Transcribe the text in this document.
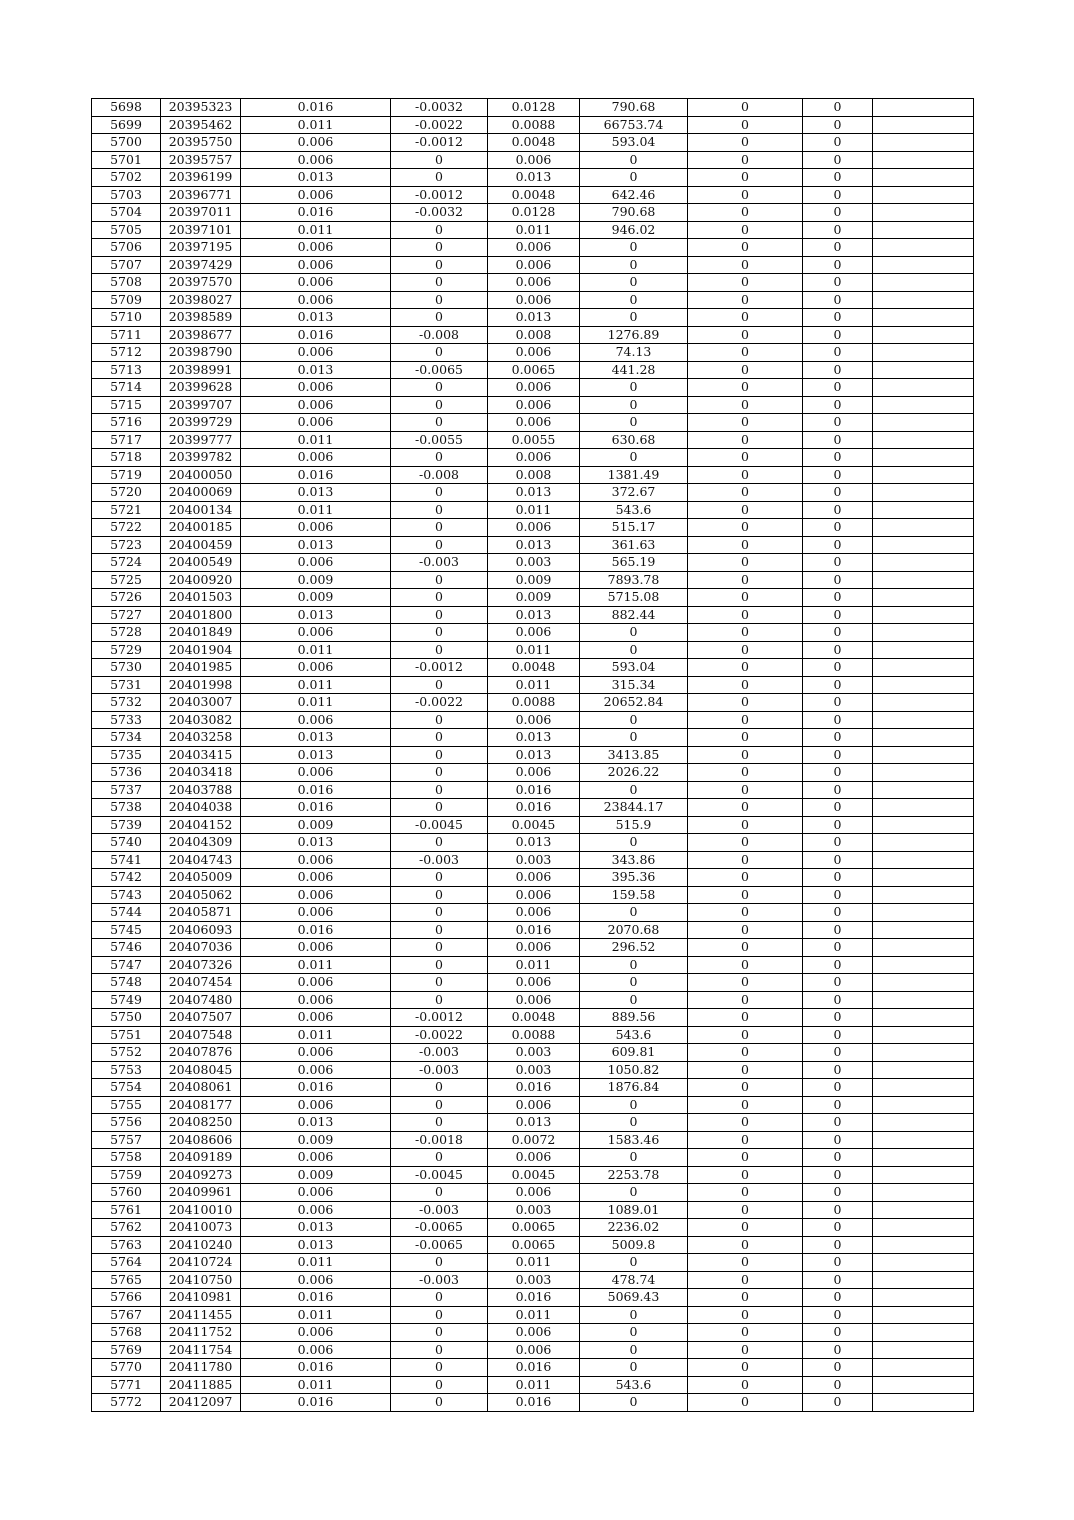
5698	20395323	0.016	-0.0032	0.0128	790.68	0	0	
5699	20395462	0.011	-0.0022	0.0088	66753.74	0	0	
5700	20395750	0.006	-0.0012	0.0048	593.04	0	0	
5701	20395757	0.006	0	0.006	0	0	0	
5702	20396199	0.013	0	0.013	0	0	0	
5703	20396771	0.006	-0.0012	0.0048	642.46	0	0	
5704	20397011	0.016	-0.0032	0.0128	790.68	0	0	
5705	20397101	0.011	0	0.011	946.02	0	0	
5706	20397195	0.006	0	0.006	0	0	0	
5707	20397429	0.006	0	0.006	0	0	0	
5708	20397570	0.006	0	0.006	0	0	0	
5709	20398027	0.006	0	0.006	0	0	0	
5710	20398589	0.013	0	0.013	0	0	0	
5711	20398677	0.016	-0.008	0.008	1276.89	0	0	
5712	20398790	0.006	0	0.006	74.13	0	0	
5713	20398991	0.013	-0.0065	0.0065	441.28	0	0	
5714	20399628	0.006	0	0.006	0	0	0	
5715	20399707	0.006	0	0.006	0	0	0	
5716	20399729	0.006	0	0.006	0	0	0	
5717	20399777	0.011	-0.0055	0.0055	630.68	0	0	
5718	20399782	0.006	0	0.006	0	0	0	
5719	20400050	0.016	-0.008	0.008	1381.49	0	0	
5720	20400069	0.013	0	0.013	372.67	0	0	
5721	20400134	0.011	0	0.011	543.6	0	0	
5722	20400185	0.006	0	0.006	515.17	0	0	
5723	20400459	0.013	0	0.013	361.63	0	0	
5724	20400549	0.006	-0.003	0.003	565.19	0	0	
5725	20400920	0.009	0	0.009	7893.78	0	0	
5726	20401503	0.009	0	0.009	5715.08	0	0	
5727	20401800	0.013	0	0.013	882.44	0	0	
5728	20401849	0.006	0	0.006	0	0	0	
5729	20401904	0.011	0	0.011	0	0	0	
5730	20401985	0.006	-0.0012	0.0048	593.04	0	0	
5731	20401998	0.011	0	0.011	315.34	0	0	
5732	20403007	0.011	-0.0022	0.0088	20652.84	0	0	
5733	20403082	0.006	0	0.006	0	0	0	
5734	20403258	0.013	0	0.013	0	0	0	
5735	20403415	0.013	0	0.013	3413.85	0	0	
5736	20403418	0.006	0	0.006	2026.22	0	0	
5737	20403788	0.016	0	0.016	0	0	0	
5738	20404038	0.016	0	0.016	23844.17	0	0	
5739	20404152	0.009	-0.0045	0.0045	515.9	0	0	
5740	20404309	0.013	0	0.013	0	0	0	
5741	20404743	0.006	-0.003	0.003	343.86	0	0	
5742	20405009	0.006	0	0.006	395.36	0	0	
5743	20405062	0.006	0	0.006	159.58	0	0	
5744	20405871	0.006	0	0.006	0	0	0	
5745	20406093	0.016	0	0.016	2070.68	0	0	
5746	20407036	0.006	0	0.006	296.52	0	0	
5747	20407326	0.011	0	0.011	0	0	0	
5748	20407454	0.006	0	0.006	0	0	0	
5749	20407480	0.006	0	0.006	0	0	0	
5750	20407507	0.006	-0.0012	0.0048	889.56	0	0	
5751	20407548	0.011	-0.0022	0.0088	543.6	0	0	
5752	20407876	0.006	-0.003	0.003	609.81	0	0	
5753	20408045	0.006	-0.003	0.003	1050.82	0	0	
5754	20408061	0.016	0	0.016	1876.84	0	0	
5755	20408177	0.006	0	0.006	0	0	0	
5756	20408250	0.013	0	0.013	0	0	0	
5757	20408606	0.009	-0.0018	0.0072	1583.46	0	0	
5758	20409189	0.006	0	0.006	0	0	0	
5759	20409273	0.009	-0.0045	0.0045	2253.78	0	0	
5760	20409961	0.006	0	0.006	0	0	0	
5761	20410010	0.006	-0.003	0.003	1089.01	0	0	
5762	20410073	0.013	-0.0065	0.0065	2236.02	0	0	
5763	20410240	0.013	-0.0065	0.0065	5009.8	0	0	
5764	20410724	0.011	0	0.011	0	0	0	
5765	20410750	0.006	-0.003	0.003	478.74	0	0	
5766	20410981	0.016	0	0.016	5069.43	0	0	
5767	20411455	0.011	0	0.011	0	0	0	
5768	20411752	0.006	0	0.006	0	0	0	
5769	20411754	0.006	0	0.006	0	0	0	
5770	20411780	0.016	0	0.016	0	0	0	
5771	20411885	0.011	0	0.011	543.6	0	0	
5772	20412097	0.016	0	0.016	0	0	0	
